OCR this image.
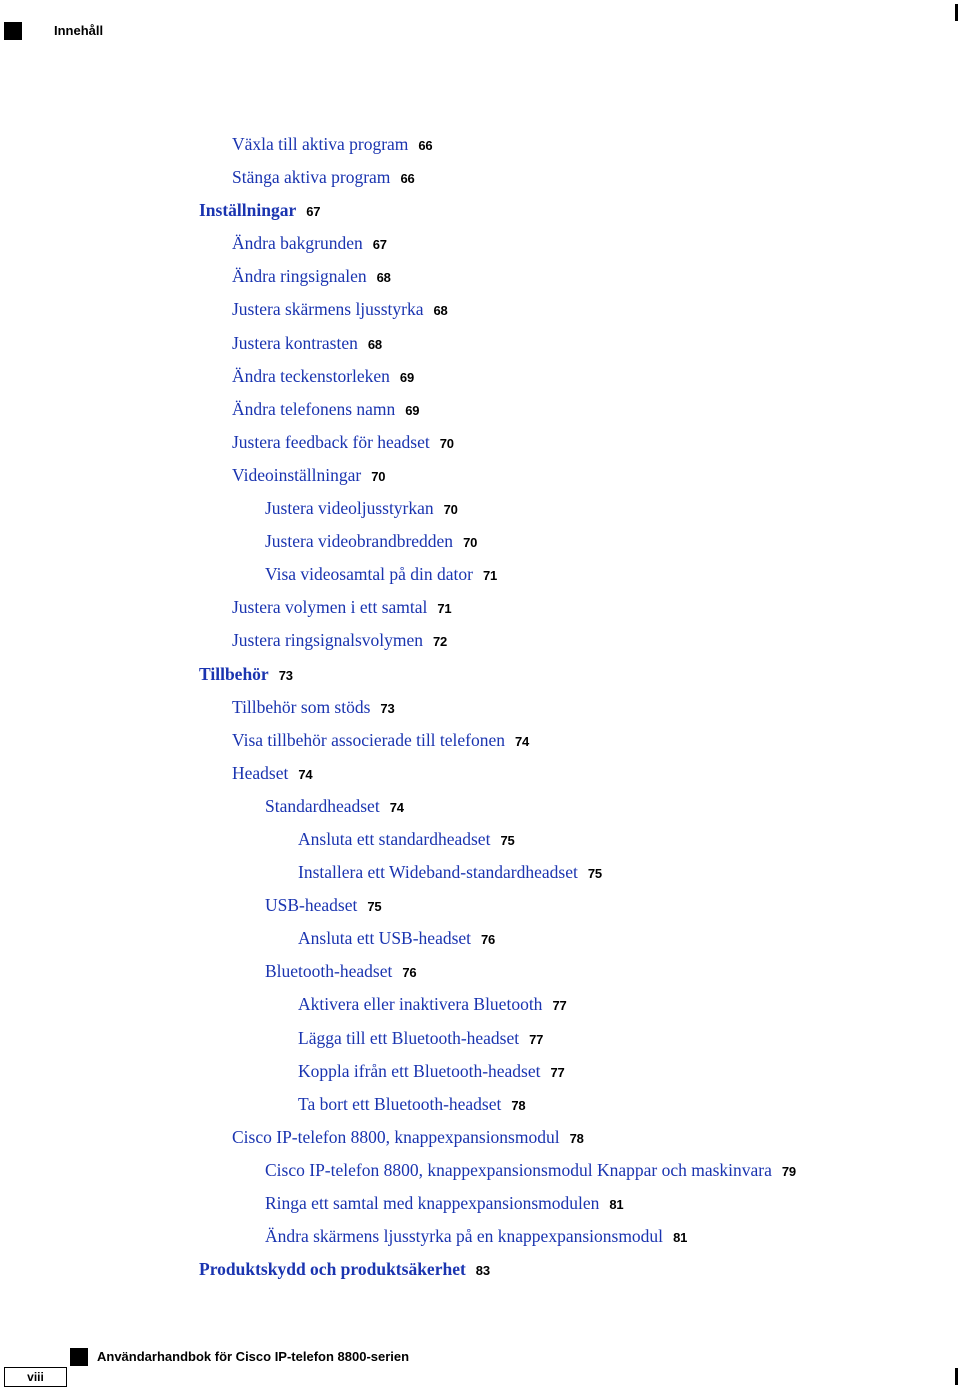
Innehåll
Växla till aktiva program 66
Stänga aktiva program 66
Inställningar 67
Ändra bakgrunden 67
Ändra ringsignalen 68
Justera skärmens ljusstyrka 68
Justera kontrasten 68
Ändra teckenstorleken 69
Ändra telefonens namn 69
Justera feedback för headset 70
Videoinställningar 70
Justera videoljusstyrkan 70
Justera videobrandbredden 70
Visa videosamtal på din dator 71
Justera volymen i ett samtal 71
Justera ringsignalsvolymen 72
Tillbehör 73
Tillbehör som stöds 73
Visa tillbehör associerade till telefonen 74
Headset 74
Standardheadset 74
Ansluta ett standardheadset 75
Installera ett Wideband-standardheadset 75
USB-headset 75
Ansluta ett USB-headset 76
Bluetooth-headset 76
Aktivera eller inaktivera Bluetooth 77
Lägga till ett Bluetooth-headset 77
Koppla ifrån ett Bluetooth-headset 77
Ta bort ett Bluetooth-headset 78
Cisco IP-telefon 8800, knappexpansionsmodul 78
Cisco IP-telefon 8800, knappexpansionsmodul Knappar och maskinvara 79
Ringa ett samtal med knappexpansionsmodulen 81
Ändra skärmens ljusstyrka på en knappexpansionsmodul 81
Produktskydd och produktsäkerhet 83
viii
Användarhandbok för Cisco IP-telefon 8800-serien
